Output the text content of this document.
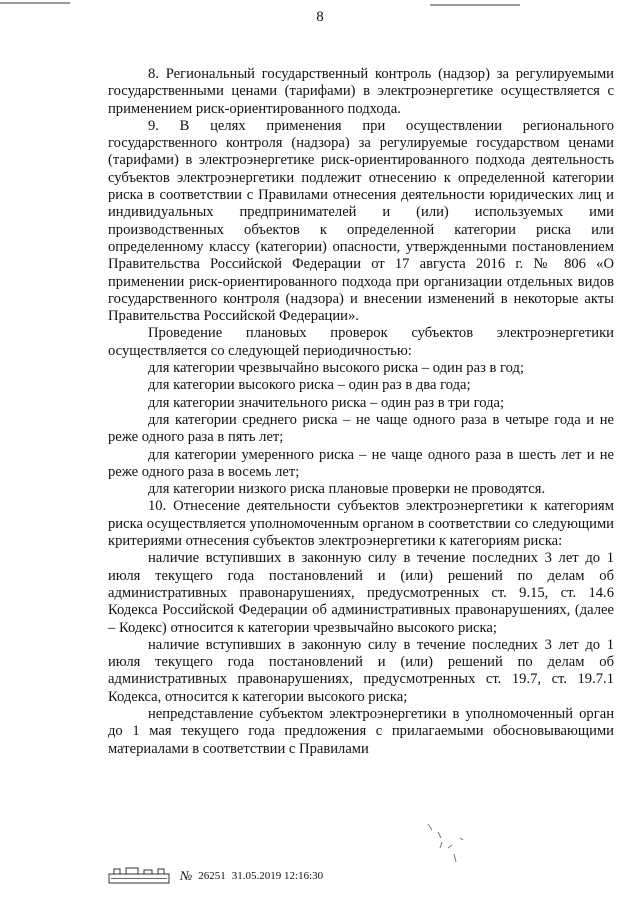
8

8. Региональный государственный контроль (надзор) за регулируемыми государственными ценами (тарифами) в электроэнергетике осуществляется с применением риск-ориентированного подхода.

9. В целях применения при осуществлении регионального государственного контроля (надзора) за регулируемые государством ценами (тарифами) в электроэнергетике риск-ориентированного подхода деятельность субъектов электроэнергетики подлежит отнесению к определенной категории риска в соответствии с Правилами отнесения деятельности юридических лиц и индивидуальных предпринимателей и (или) используемых ими производственных объектов к определенной категории риска или определенному классу (категории) опасности, утвержденными постановлением Правительства Российской Федерации от 17 августа 2016 г. № 806 «О применении риск-ориентированного подхода при организации отдельных видов государственного контроля (надзора) и внесении изменений в некоторые акты Правительства Российской Федерации».

Проведение плановых проверок субъектов электроэнергетики осуществляется со следующей периодичностью:

для категории чрезвычайно высокого риска – один раз в год;

для категории высокого риска – один раз в два года;

для категории значительного риска – один раз в три года;

для категории среднего риска – не чаще одного раза в четыре года и не реже одного раза в пять лет;

для категории умеренного риска – не чаще одного раза в шесть лет и не реже одного раза в восемь лет;

для категории низкого риска плановые проверки не проводятся.

10. Отнесение деятельности субъектов электроэнергетики к категориям риска осуществляется уполномоченным органом в соответствии со следующими критериями отнесения субъектов электроэнергетики к категориям риска:

наличие вступивших в законную силу в течение последних 3 лет до 1 июля текущего года постановлений и (или) решений по делам об административных правонарушениях, предусмотренных ст. 9.15, ст. 14.6 Кодекса Российской Федерации об административных правонарушениях, (далее – Кодекс) относится к категории чрезвычайно высокого риска;

наличие вступивших в законную силу в течение последних 3 лет до 1 июля текущего года постановлений и (или) решений по делам об административных правонарушениях, предусмотренных ст. 19.7, ст. 19.7.1 Кодекса, относится к категории высокого риска;

непредставление субъектом электроэнергетики в уполномоченный орган до 1 мая текущего года предложения с прилагаемыми обосновывающими материалами в соответствии с Правилами

№ 26251 31.05.2019 12:16:30
